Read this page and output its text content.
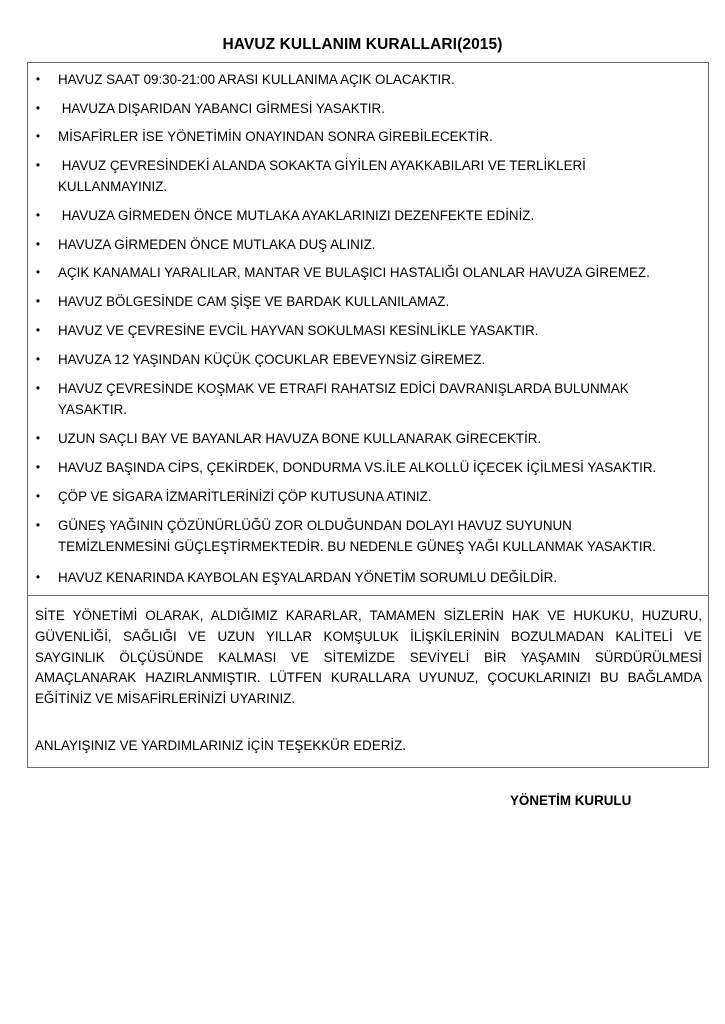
HAVUZ KULLANIM KURALLARI(2015)
• HAVUZ SAAT 09:30-21:00 ARASI KULLANIMA AÇIK OLACAKTIR.
• HAVUZA DIŞARIDAN YABANCI GİRMESİ YASAKTIR.
• MİSAFİRLER İSE YÖNETİMİN ONAYINDAN SONRA GİREBİLECEKTİR.
• HAVUZ ÇEVRESİNDEKİ ALANDA SOKAKTA GİYİLEN AYAKKABILARI VE TERLİKLERİ
KULLANMAYINIZ.
• HAVUZA GİRMEDEN ÖNCE MUTLAKA AYAKLARINIZI DEZENFEKTE EDİNİZ.
• HAVUZA GİRMEDEN ÖNCE MUTLAKA DUŞ ALINIZ.
• AÇIK KANAMALI YARALILAR, MANTAR VE BULAŞICI HASTALIĞI OLANLAR HAVUZA GİREMEZ.
• HAVUZ BÖLGESİNDE CAM ŞİŞE VE BARDAK KULLANILAMAZ.
• HAVUZ VE ÇEVRESİNE EVCİL HAYVAN SOKULMASI KESİNLİKLE YASAKTIR.
• HAVUZA 12 YAŞINDAN KÜÇÜK ÇOCUKLAR EBEVEYNSİZ GİREMEZ.
• HAVUZ ÇEVRESİNDE KOŞMAK VE ETRAFI RAHATSIZ EDİCİ DAVRANIŞLARDA BULUNMAK
YASAKTIR.
• UZUN SAÇLI BAY VE BAYANLAR HAVUZA BONE KULLANARAK GİRECEKTİR.
• HAVUZ BAŞINDA CİPS, ÇEKİRDEK, DONDURMA VS.İLE ALKOLLÜ İÇECEK İÇİLMESİ YASAKTIR.
• ÇÖP VE SİGARA İZMARİTLERİNİZİ ÇÖP KUTUSUNA ATINIZ.
• GÜNEŞ YAĞININ ÇÖZÜNÜRLÜĞÜ ZOR OLDUĞUNDAN DOLAYI HAVUZ SUYUNUN
TEMİZLENMESİNİ GÜÇLEŞTİRMEKTEDİR. BU NEDENLE GÜNEŞ YAĞI KULLANMAK YASAKTIR.
• HAVUZ KENARINDA KAYBOLAN EŞYALARDAN YÖNETİM SORUMLU DEĞİLDİR.
SİTE YÖNETİMİ OLARAK, ALDIĞIMIZ KARARLAR, TAMAMEN SİZLERİN HAK VE HUKUKU, HUZURU, GÜVENLİĞİ, SAĞLIĞI VE UZUN YILLAR KOMŞULUK İLİŞKİLERİNİN BOZULMADAN KALİTELİ VE SAYGINLIK ÖLÇÜSÜNDE KALMASI VE SİTEMİZDE SEVİYELİ BİR YAŞAMIN SÜRDÜRÜLMESİ AMAÇLANARAK HAZIRLANMIŞTIR. LÜTFEN KURALLARA UYUNUZ, ÇOCUKLARINIZI BU BAĞLAMDA EĞİTİNİZ VE MİSAFİRLERİNİZİ UYARINIZ.
ANLAYIŞINIZ VE YARDIMLARINIZ İÇİN TEŞEKKÜR EDERİZ.
YÖNETİM KURULU
